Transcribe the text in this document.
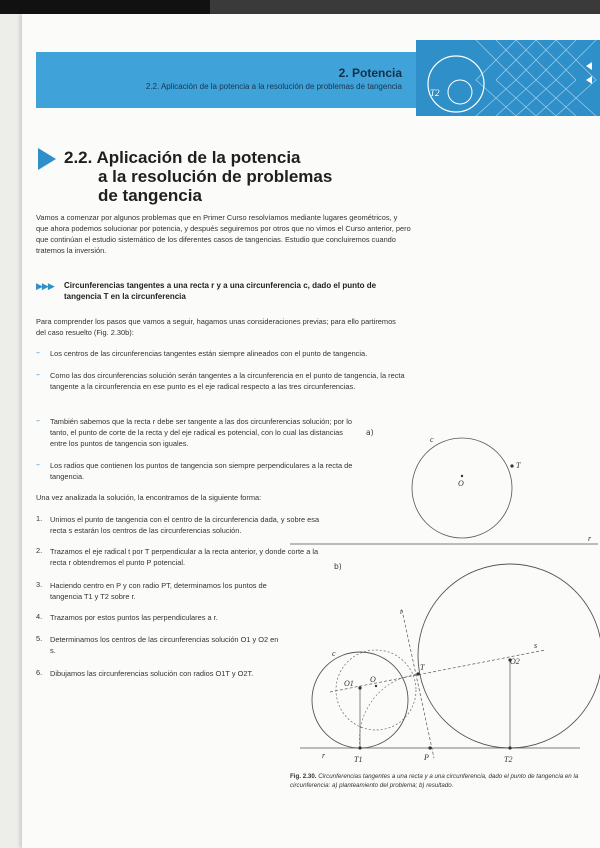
2. Potencia
2.2. Aplicación de la potencia a la resolución de problemas de tangencia
T2
2.2. Aplicación de la potencia
a la resolución de problemas
de tangencia
Vamos a comenzar por algunos problemas que en Primer Curso resolvíamos mediante lugares geométricos, y que ahora podemos solucionar por potencia, y después seguiremos por otros que no vimos el Curso anterior, pero que continúan el estudio sistemático de los diferentes casos de tangencias. Estudio que concluiremos cuando tratemos la inversión.
▶▶▶ Circunferencias tangentes a una recta r y a una circunferencia c, dado el punto de tangencia T en la circunferencia
Para comprender los pasos que vamos a seguir, hagamos unas consideraciones previas; para ello partiremos del caso resuelto (Fig. 2.30b):
– Los centros de las circunferencias tangentes están siempre alineados con el punto de tangencia.
– Como las dos circunferencias solución serán tangentes a la circunferencia en el punto de tangencia, la recta tangente a la circunferencia en ese punto es el eje radical respecto a las tres circunferencias.
– También sabemos que la recta r debe ser tangente a las dos circunferencias solución; por lo tanto, el punto de corte de la recta y del eje radical es potencial, con lo cual las distancias entre los puntos de tangencia son iguales.
– Los radios que contienen los puntos de tangencia son siempre perpendiculares a la recta de tangencia.
Una vez analizada la solución, la encontramos de la siguiente forma:
1. Unimos el punto de tangencia con el centro de la circunferencia dada, y sobre esa recta s estarán los centros de las circunferencias solución.
2. Trazamos el eje radical t por T perpendicular a la recta anterior, y donde corte a la recta r obtendremos el punto P potencial.
3. Haciendo centro en P y con radio PT, determinamos los puntos de tangencia T1 y T2 sobre r.
4. Trazamos por estos puntos las perpendiculares a r.
5. Determinamos los centros de las circunferencias solución O1 y O2 en s.
6. Dibujamos las circunferencias solución con radios O1T y O2T.
a)
b)
c
T
O
r
c
T
O
O1
O2
s
t
r	T1	P	T2
Fig. 2.30. Circunferencias tangentes a una recta y a una circunferencia, dado el punto de tangencia en la circunferencia: a) planteamiento del problema; b) resultado.
